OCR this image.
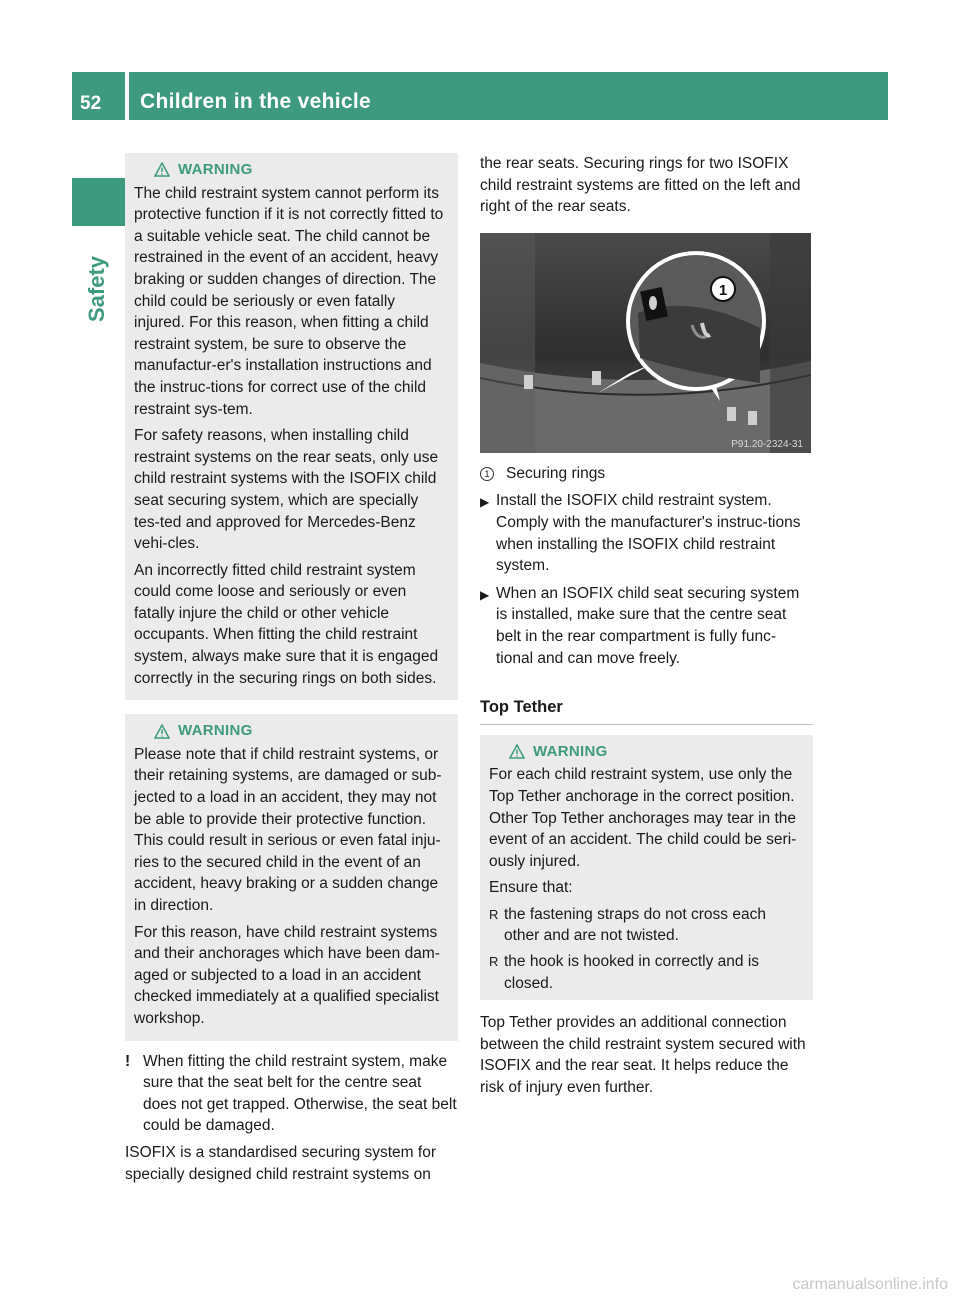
52 Children in the vehicle
Safety
WARNING

The child restraint system cannot perform its protective function if it is not correctly fitted to a suitable vehicle seat. The child cannot be restrained in the event of an accident, heavy braking or sudden changes of direction. The child could be seriously or even fatally injured. For this reason, when fitting a child restraint system, be sure to observe the manufactur-er's installation instructions and the instruc-tions for correct use of the child restraint sys-tem.

For safety reasons, when installing child restraint systems on the rear seats, only use child restraint systems with the ISOFIX child seat securing system, which are specially tes-ted and approved for Mercedes-Benz vehi-cles.

An incorrectly fitted child restraint system could come loose and seriously or even fatally injure the child or other vehicle occupants. When fitting the child restraint system, always make sure that it is engaged correctly in the securing rings on both sides.

WARNING

Please note that if child restraint systems, or their retaining systems, are damaged or sub-jected to a load in an accident, they may not be able to provide their protective function. This could result in serious or even fatal inju-ries to the secured child in the event of an accident, heavy braking or a sudden change in direction.

For this reason, have child restraint systems and their anchorages which have been dam-aged or subjected to a load in an accident checked immediately at a qualified specialist workshop.

! When fitting the child restraint system, make sure that the seat belt for the centre seat does not get trapped. Otherwise, the seat belt could be damaged.

ISOFIX is a standardised securing system for specially designed child restraint systems on

the rear seats. Securing rings for two ISOFIX child restraint systems are fitted on the left and right of the rear seats.

1
P91.20-2324-31
1 Securing rings
▶ Install the ISOFIX child restraint system. Comply with the manufacturer's instruc-tions when installing the ISOFIX child restraint system.
▶ When an ISOFIX child seat securing system is installed, make sure that the centre seat belt in the rear compartment is fully func-tional and can move freely.
Top Tether
WARNING

For each child restraint system, use only the Top Tether anchorage in the correct position. Other Top Tether anchorages may tear in the event of an accident. The child could be seri-ously injured.

Ensure that:

R the fastening straps do not cross each other and are not twisted.
R the hook is hooked in correctly and is closed.

Top Tether provides an additional connection between the child restraint system secured with ISOFIX and the rear seat. It helps reduce the risk of injury even further.

carmanualsonline.info
